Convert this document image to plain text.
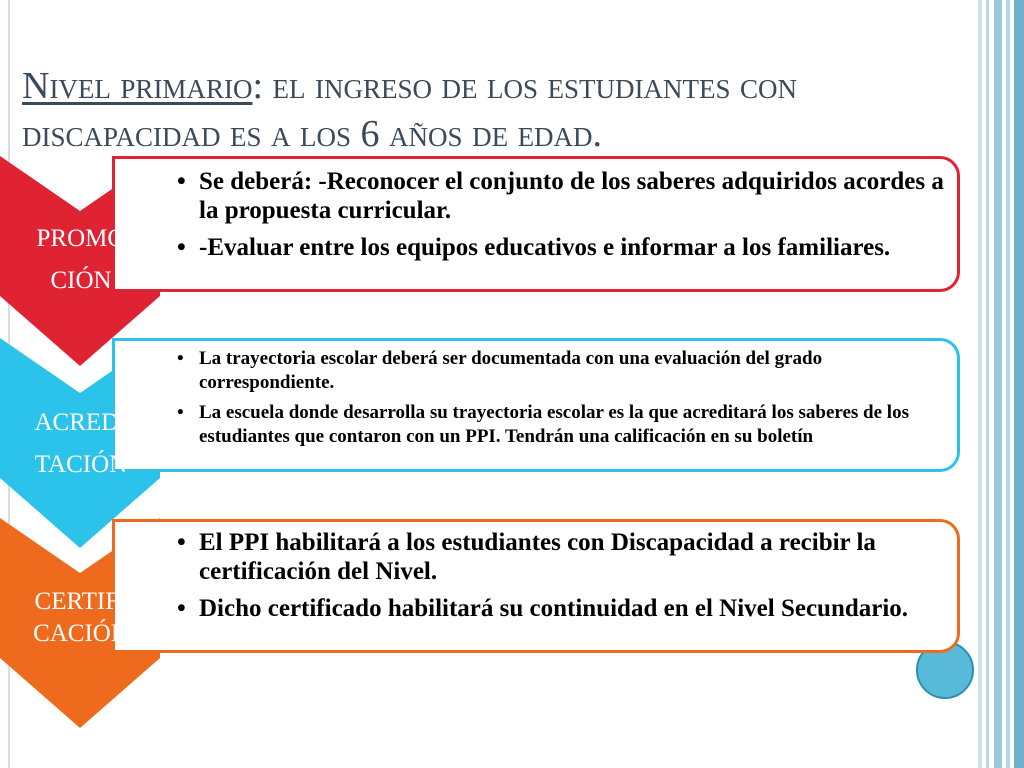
Nivel primario: el ingreso de los estudiantes con discapacidad es a los 6 años de edad.
PROMO
CIÓN
• Se deberá: -Reconocer el conjunto de los saberes adquiridos acordes a la propuesta curricular.
• -Evaluar entre los equipos educativos e informar a los familiares.
ACREDI
TACIÓN
• La trayectoria escolar deberá ser documentada con una evaluación del grado correspondiente.
• La escuela donde desarrolla su trayectoria escolar es la que acreditará los saberes de los estudiantes que contaron con un PPI. Tendrán una calificación en su boletín
CERTIFI
CACIÓN
• El PPI habilitará a los estudiantes con Discapacidad a recibir la certificación del Nivel.
• Dicho certificado habilitará su continuidad en el Nivel Secundario.
